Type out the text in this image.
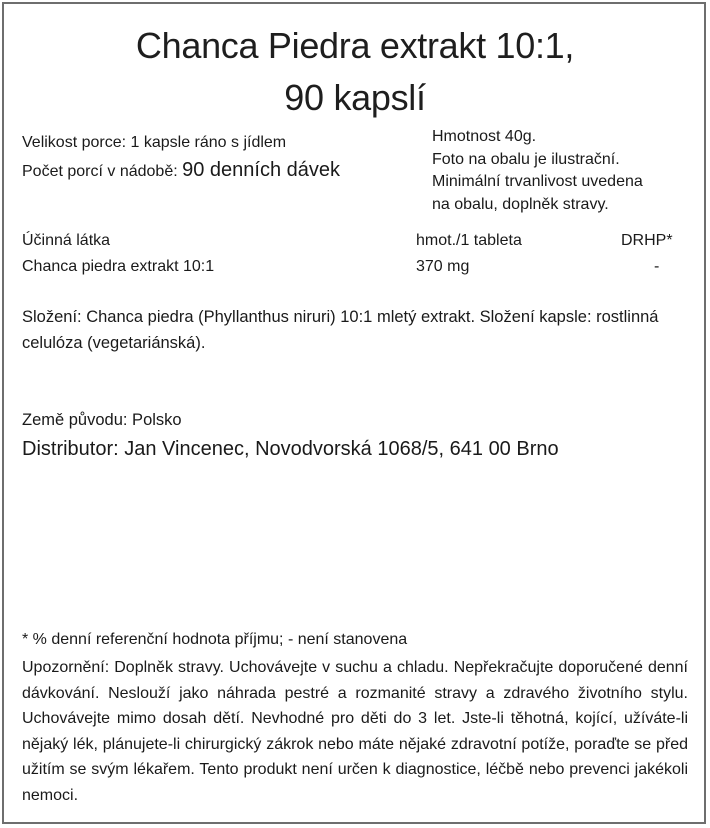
Chanca Piedra extrakt 10:1,
90 kapslí
Velikost porce: 1 kapsle ráno s jídlem
Počet porcí v nádobě: 90 denních dávek
Hmotnost 40g.
Foto na obalu je ilustrační.
Minimální trvanlivost uvedena
na obalu, doplněk stravy.
Účinná látka	hmot./1 tableta	DRHP*
Chanca piedra extrakt 10:1	370 mg	-
Složení: Chanca piedra (Phyllanthus niruri) 10:1 mletý extrakt. Složení kapsle: rostlinná celulóza (vegetariánská).
Země původu: Polsko
Distributor: Jan Vincenec, Novodvorská 1068/5, 641 00 Brno
* % denní referenční hodnota příjmu; - není stanovena
Upozornění: Doplněk stravy. Uchovávejte v suchu a chladu. Nepřekračujte doporučené denní dávkování. Neslouží jako náhrada pestré a rozmanité stravy a zdravého životního stylu. Uchovávejte mimo dosah dětí. Nevhodné pro děti do 3 let. Jste-li těhotná, kojící, užíváte-li nějaký lék, plánujete-li chirurgický zákrok nebo máte nějaké zdravotní potíže, poraďte se před užitím se svým lékařem. Tento produkt není určen k diagnostice, léčbě nebo prevenci jakékoli nemoci.
